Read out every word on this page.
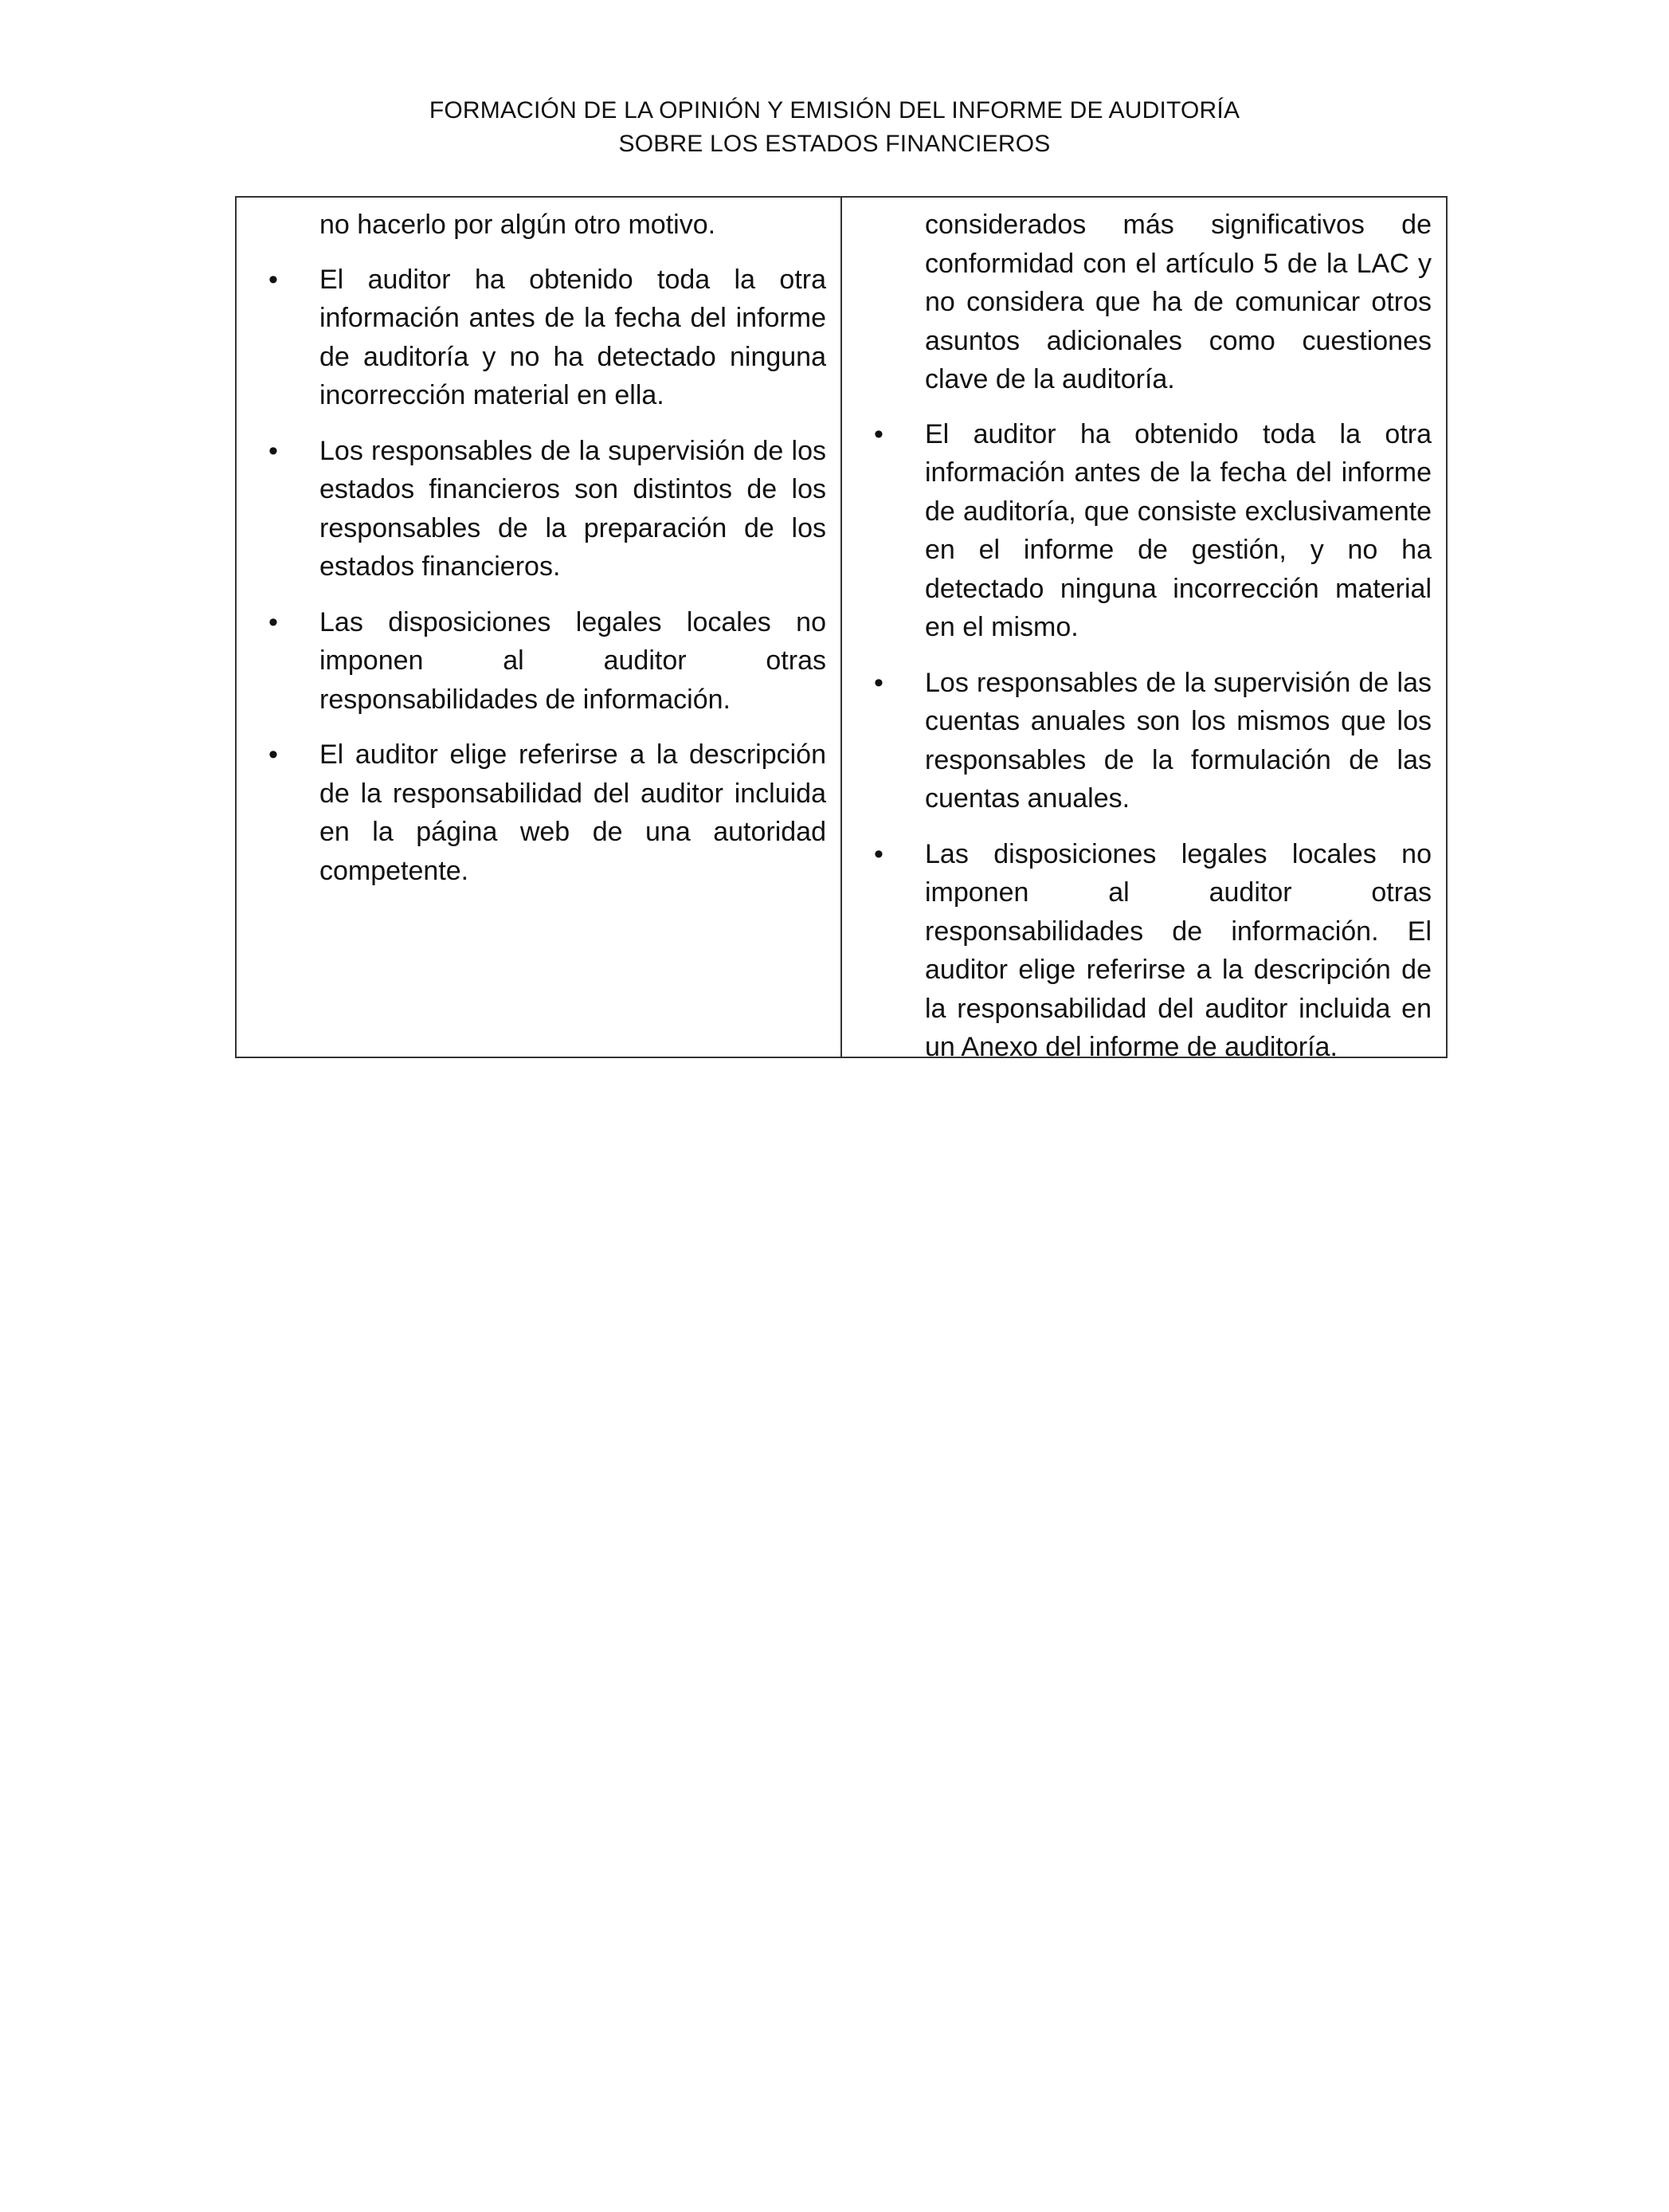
FORMACIÓN DE LA OPINIÓN Y EMISIÓN DEL INFORME DE AUDITORÍA
SOBRE LOS ESTADOS FINANCIEROS

no hacerlo por algún otro motivo.

•	El auditor ha obtenido toda la otra información antes de la fecha del informe de auditoría y no ha detectado ninguna incorrección material en ella.
•	Los responsables de la supervisión de los estados financieros son distintos de los responsables de la preparación de los estados financieros.
•	Las disposiciones legales locales no imponen al auditor otras responsabilidades de información.
•	El auditor elige referirse a la descripción de la responsabilidad del auditor incluida en la página web de una autoridad competente.

considerados más significativos de conformidad con el artículo 5 de la LAC y no considera que ha de comunicar otros asuntos adicionales como cuestiones clave de la auditoría.

•	El auditor ha obtenido toda la otra información antes de la fecha del informe de auditoría, que consiste exclusivamente en el informe de gestión, y no ha detectado ninguna incorrección material en el mismo.
•	Los responsables de la supervisión de las cuentas anuales son los mismos que los responsables de la formulación de las cuentas anuales.
•	Las disposiciones legales locales no imponen al auditor otras responsabilidades de información. El auditor elige referirse a la descripción de la responsabilidad del auditor incluida en un Anexo del informe de auditoría.
